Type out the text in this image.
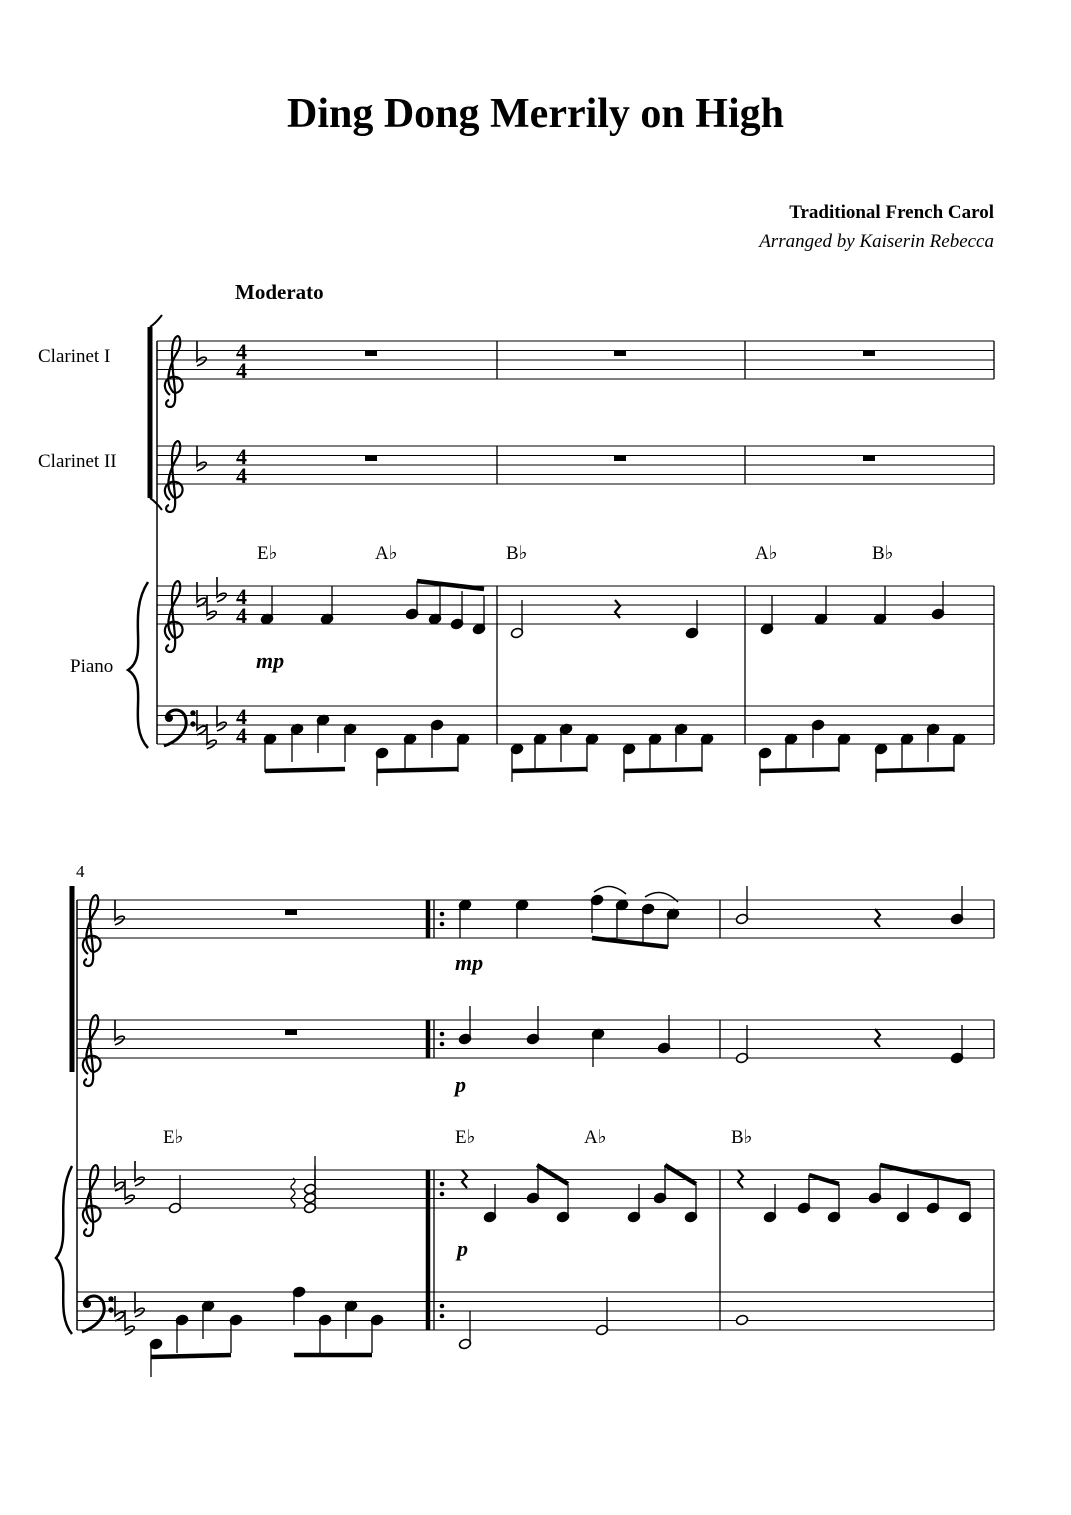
Ding Dong Merrily on High
Traditional French Carol
Arranged by Kaiserin Rebecca
Moderato
Clarinet I
Clarinet II
Piano
E♭	A♭	B♭	A♭	B♭
E♭	E♭	A♭	B♭
4
mp
mp
p
p
4
4
4
4
4
4
4
4
